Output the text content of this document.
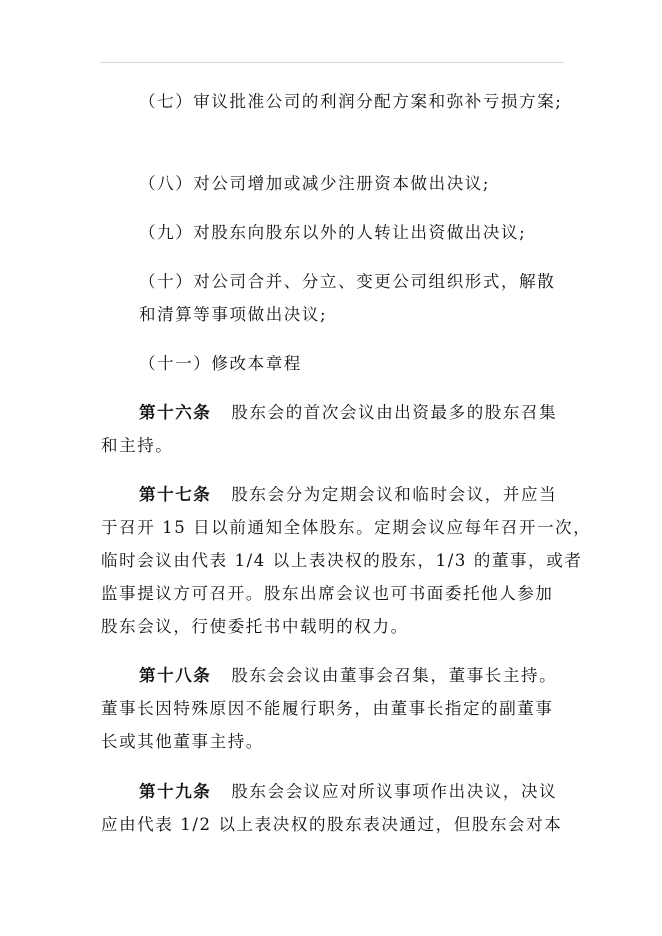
（七）审议批准公司的利润分配方案和弥补亏损方案;
（八）对公司增加或减少注册资本做出决议;
（九）对股东向股东以外的人转让出资做出决议;
（十）对公司合并、分立、变更公司组织形式，解散
和清算等事项做出决议;
（十一）修改本章程
第十六条 股东会的首次会议由出资最多的股东召集
和主持。
第十七条 股东会分为定期会议和临时会议，并应当
于召开 15 日以前通知全体股东。定期会议应每年召开一次，
临时会议由代表 1/4 以上表决权的股东，1/3 的董事，或者
监事提议方可召开。股东出席会议也可书面委托他人参加
股东会议，行使委托书中载明的权力。
第十八条 股东会会议由董事会召集，董事长主持。
董事长因特殊原因不能履行职务，由董事长指定的副董事
长或其他董事主持。
第十九条 股东会会议应对所议事项作出决议，决议
应由代表 1/2 以上表决权的股东表决通过，但股东会对本
